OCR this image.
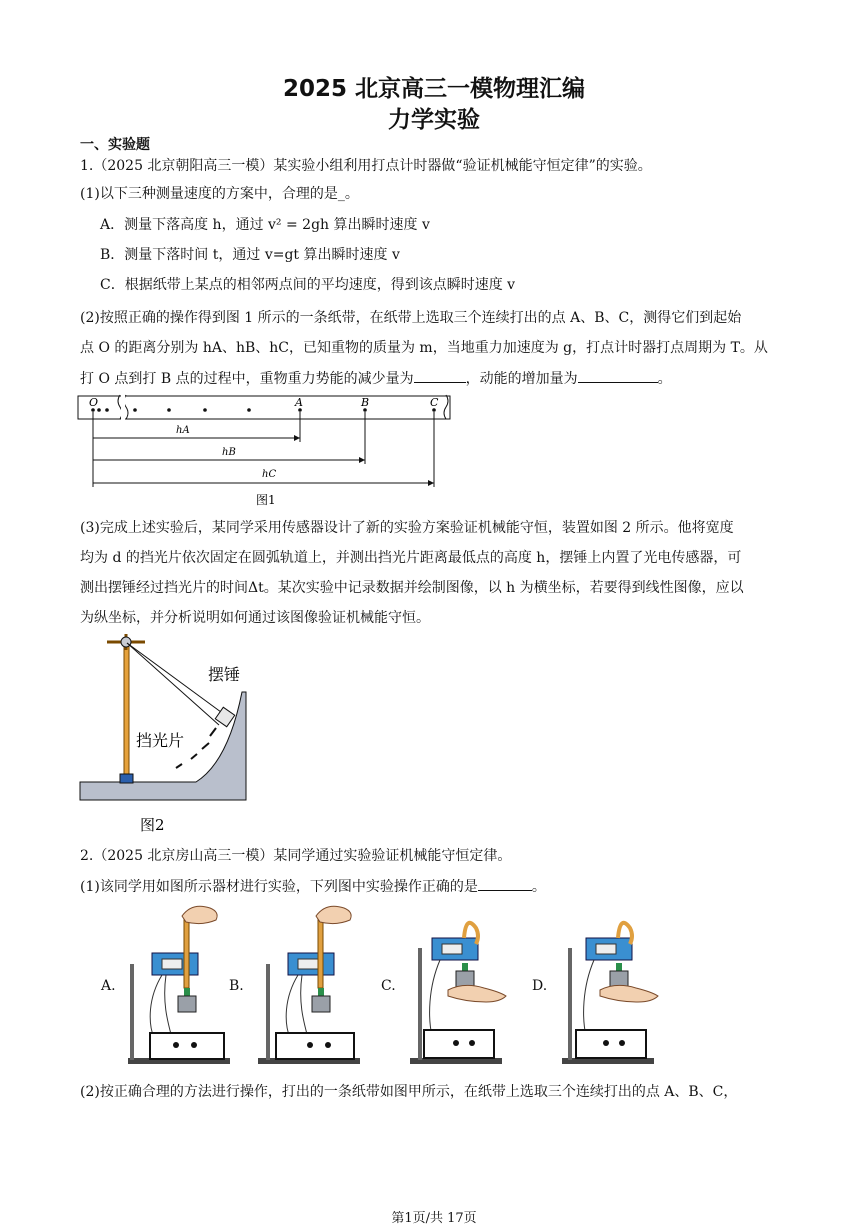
2025 北京高三一模物理汇编
力学实验
一、实验题
1.（2025 北京朝阳高三一模）某实验小组利用打点计时器做“验证机械能守恒定律”的实验。
(1)以下三种测量速度的方案中，合理的是_。
A．测量下落高度 h，通过 v² = 2gh 算出瞬时速度 v
B．测量下落时间 t，通过 v=gt 算出瞬时速度 v
C．根据纸带上某点的相邻两点间的平均速度，得到该点瞬时速度 v
(2)按照正确的操作得到图 1 所示的一条纸带，在纸带上选取三个连续打出的点 A、B、C，测得它们到起始
点 O 的距离分别为 hA、hB、hC，已知重物的质量为 m，当地重力加速度为 g，打点计时器打点周期为 T。从
打 O 点到打 B 点的过程中，重物重力势能的减少量为	，动能的增加量为	。
O	A	B	C
hA
hB
hC
图1
(3)完成上述实验后，某同学采用传感器设计了新的实验方案验证机械能守恒，装置如图 2 所示。他将宽度
均为 d 的挡光片依次固定在圆弧轨道上，并测出挡光片距离最低点的高度 h，摆锤上内置了光电传感器，可
测出摆锤经过挡光片的时间Δt。某次实验中记录数据并绘制图像，以 h 为横坐标，若要得到线性图像，应以
为纵坐标，并分析说明如何通过该图像验证机械能守恒。
摆锤
挡光片
图2
2.（2025 北京房山高三一模）某同学通过实验验证机械能守恒定律。
(1)该同学用如图所示器材进行实验，下列图中实验操作正确的是	。
A.	B.	C.	D.
(2)按正确合理的方法进行操作，打出的一条纸带如图甲所示，在纸带上选取三个连续打出的点 A、B、C，
第1页/共 17页
